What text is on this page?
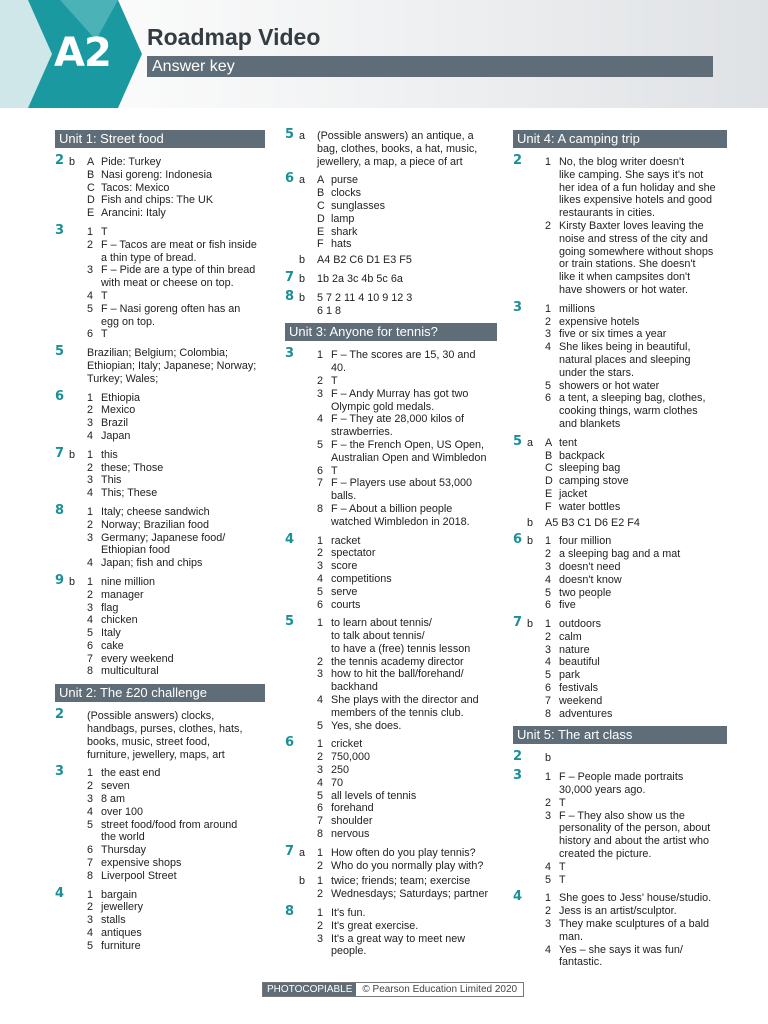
A2 Roadmap Video
Answer key
Unit 1: Street food
2 b A Pide: Turkey
B Nasi goreng: Indonesia
C Tacos: Mexico
D Fish and chips: The UK
E Arancini: Italy
3	1 T
2 F – Tacos are meat or fish inside
a thin type of bread.
3 F – Pide are a type of thin bread
with meat or cheese on top.
4 T
5 F – Nasi goreng often has an
egg on top.
6 T
5	Brazilian; Belgium; Colombia;
Ethiopian; Italy; Japanese; Norway;
Turkey; Wales;
6	1 Ethiopia
2 Mexico
3 Brazil
4 Japan
7 b 1 this
2 these; Those
3 This
4 This; These
8	1 Italy; cheese sandwich
2 Norway; Brazilian food
3 Germany; Japanese food/
Ethiopian food
4 Japan; fish and chips
9 b 1 nine million
2 manager
3 flag
4 chicken
5 Italy
6 cake
7 every weekend
8 multicultural
Unit 2: The £20 challenge
2	(Possible answers) clocks,
handbags, purses, clothes, hats,
books, music, street food,
furniture, jewellery, maps, art
3	1 the east end
2 seven
3 8 am
4 over 100
5 street food/food from around
the world
6 Thursday
7 expensive shops
8 Liverpool Street
4	1 bargain
2 jewellery
3 stalls
4 antiques
5 furniture
5 a (Possible answers) an antique, a
bag, clothes, books, a hat, music,
jewellery, a map, a piece of art
6 a A purse
B clocks
C sunglasses
D lamp
E shark
F hats
b A4 B2 C6 D1 E3 F5
7 b 1b 2a 3c 4b 5c 6a
8 b 5 7 2 11 4 10 9 12 3
6 1 8
Unit 3: Anyone for tennis?
3	1 F – The scores are 15, 30 and
40.
2 T
3 F – Andy Murray has got two
Olympic gold medals.
4 F – They ate 28,000 kilos of
strawberries.
5 F – the French Open, US Open,
Australian Open and Wimbledon
6 T
7 F – Players use about 53,000
balls.
8 F – About a billion people
watched Wimbledon in 2018.
4	1 racket
2 spectator
3 score
4 competitions
5 serve
6 courts
5	1 to learn about tennis/
to talk about tennis/
to have a (free) tennis lesson
2 the tennis academy director
3 how to hit the ball/forehand/
backhand
4 She plays with the director and
members of the tennis club.
5 Yes, she does.
6	1 cricket
2 750,000
3 250
4 70
5 all levels of tennis
6 forehand
7 shoulder
8 nervous
7 a 1 How often do you play tennis?
2 Who do you normally play with?
b 1 twice; friends; team; exercise
2 Wednesdays; Saturdays; partner
8	1 It's fun.
2 It's great exercise.
3 It's a great way to meet new
people.
Unit 4: A camping trip
2	1 No, the blog writer doesn't
like camping. She says it's not
her idea of a fun holiday and she
likes expensive hotels and good
restaurants in cities.
2 Kirsty Baxter loves leaving the
noise and stress of the city and
going somewhere without shops
or train stations. She doesn't
like it when campsites don't
have showers or hot water.
3	1 millions
2 expensive hotels
3 five or six times a year
4 She likes being in beautiful,
natural places and sleeping
under the stars.
5 showers or hot water
6 a tent, a sleeping bag, clothes,
cooking things, warm clothes
and blankets
5 a A tent
B backpack
C sleeping bag
D camping stove
E jacket
F water bottles
b A5 B3 C1 D6 E2 F4
6 b 1 four million
2 a sleeping bag and a mat
3 doesn't need
4 doesn't know
5 two people
6 five
7 b 1 outdoors
2 calm
3 nature
4 beautiful
5 park
6 festivals
7 weekend
8 adventures
Unit 5: The art class
2	b
3	1 F – People made portraits
30,000 years ago.
2 T
3 F – They also show us the
personality of the person, about
history and about the artist who
created the picture.
4 T
5 T
4	1 She goes to Jess' house/studio.
2 Jess is an artist/sculptor.
3 They make sculptures of a bald
man.
4 Yes – she says it was fun/
fantastic.
PHOTOCOPIABLE	© Pearson Education Limited 2020
